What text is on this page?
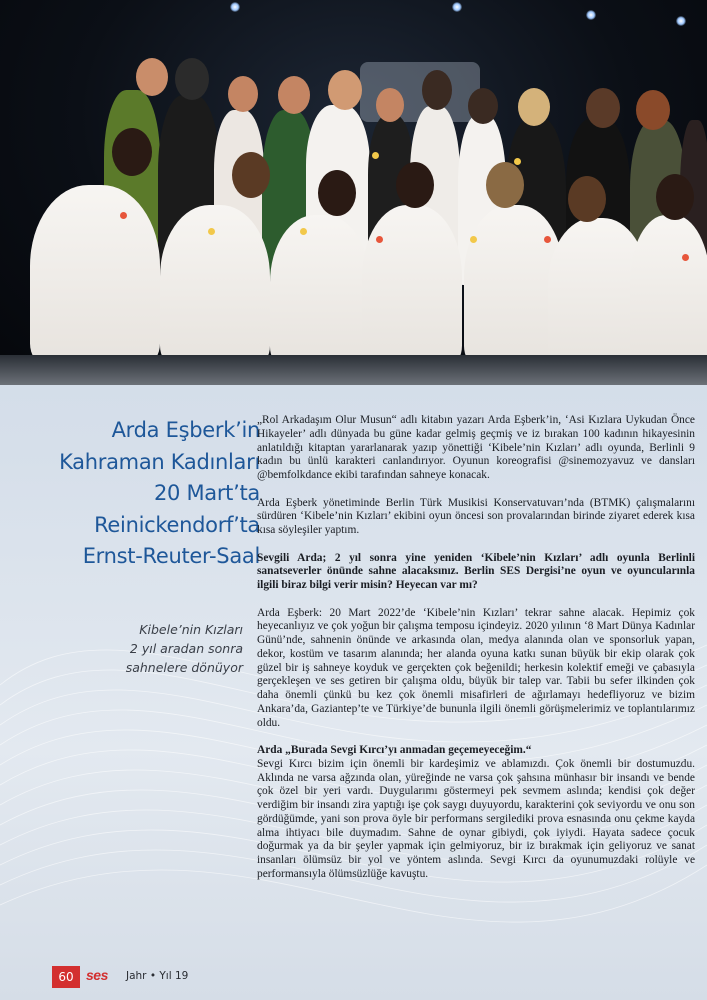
Arda Eşberk’in
Kahraman Kadınları
20 Mart’ta
Reinickendorf’ta
Ernst-Reuter-Saal
Kibele’nin Kızları
2 yıl aradan sonra
sahnelere dönüyor

„Rol Arkadaşım Olur Musun“ adlı kitabın yazarı Arda Eşberk’in, ‘Asi Kızlara Uykudan Önce Hikayeler’ adlı dünyada bu güne kadar gelmiş geçmiş ve iz bırakan 100 kadının hikayesinin anlatıldığı kitaptan yararlanarak yazıp yönettiği ‘Kibele’nin Kızları’ adlı oyunda, Berlinli 9 kadın bu ünlü karakteri canlandırıyor. Oyunun koreografisi @sinemozyavuz ve dansları @bemfolkdance ekibi tarafından sahneye konacak.

Arda Eşberk yönetiminde Berlin Türk Musikisi Konservatuvarı’nda (BTMK) çalışmalarını sürdüren ‘Kibele’nin Kızları’ ekibini oyun öncesi son provalarından birinde ziyaret ederek kısa kısa söyleşiler yaptım.

Sevgili Arda; 2 yıl sonra yine yeniden ‘Kibele’nin Kızları’ adlı oyunla Berlinli sanatseverler önünde sahne alacaksınız. Berlin SES Dergisi’ne oyun ve oyuncularınla ilgili biraz bilgi verir misin? Heyecan var mı?

Arda Eşberk: 20 Mart 2022’de ‘Kibele’nin Kızları’ tekrar sahne alacak. Hepimiz çok heyecanlıyız ve çok yoğun bir çalışma temposu içindeyiz. 2020 yılının ‘8 Mart Dünya Kadınlar Günü’nde, sahnenin önünde ve arkasında olan, medya alanında olan ve sponsorluk yapan, dekor, kostüm ve tasarım alanında; her alanda oyuna katkı sunan büyük bir ekip olarak çok güzel bir iş sahneye koyduk ve gerçekten çok beğenildi; herkesin kolektif emeği ve çabasıyla gerçekleşen ve ses getiren bir çalışma oldu, büyük bir talep var. Tabii bu sefer ilkinden çok daha önemli çünkü bu kez çok önemli misafirleri de ağırlamayı hedefliyoruz ve bizim Ankara’da, Gaziantep’te ve Türkiye’de bununla ilgili önemli görüşmelerimiz ve toplantılarımız oldu.

Arda „Burada Sevgi Kırcı’yı anmadan geçemeyeceğim.“

Sevgi Kırcı bizim için önemli bir kardeşimiz ve ablamızdı. Çok önemli bir dostumuzdu. Aklında ne varsa ağzında olan, yüreğinde ne varsa çok şahsına münhasır bir insandı ve bende çok özel bir yeri vardı. Duygularımı göstermeyi pek sevmem aslında; kendisi çok değer verdiğim bir insandı zira yaptığı işe çok saygı duyuyordu, karakterini çok seviyordu ve onu son gördüğümde, yani son prova öyle bir performans sergilediki prova esnasında onu çekme kayda alma ihtiyacı bile duymadım. Sahne de oynar gibiydi, çok iyiydi. Hayata sadece çocuk doğurmak ya da bir şeyler yapmak için gelmiyoruz, bir iz bırakmak için geliyoruz ve sanat insanları ölümsüz bir yol ve yöntem aslında. Sevgi Kırcı da oyunumuzdaki rolüyle ve performansıyla ölümsüzlüğe kavuştu.

60 ses Jahr • Yıl 19
